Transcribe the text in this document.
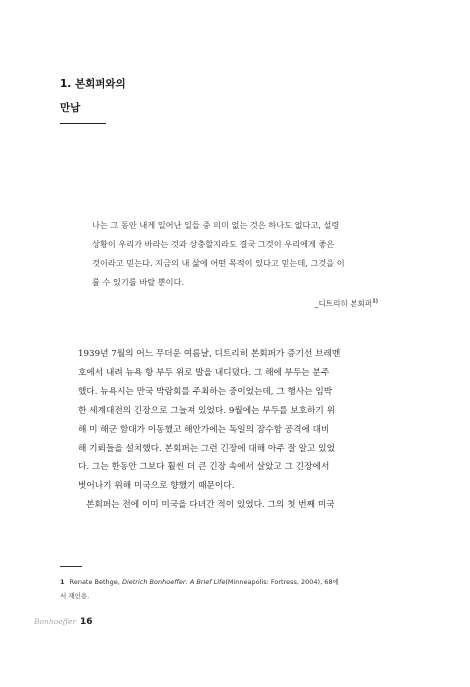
1. 본회퍼와의
만남

나는 그 동안 내게 일어난 일들 중 의미 없는 것은 하나도 없다고, 설령

상황이 우리가 바라는 것과 상충할지라도 결국 그것이 우리에게 좋은

것이라고 믿는다. 지금의 내 삶에 어떤 목적이 있다고 믿는데, 그것을 이

룰 수 있기를 바랄 뿐이다.

_디트리히 본회퍼$^{1)}$

1939년 7월의 어느 무더운 여름날, 디트리히 본회퍼가 증기선 브레멘
호에서 내려 뉴욕 항 부두 위로 발을 내디뎠다. 그 해에 부두는 분주
했다. 뉴욕시는 만국 박람회를 주최하는 중이었는데, 그 행사는 임박
한 세계대전의 긴장으로 그늘져 있었다. 9월에는 부두를 보호하기 위
해 미 해군 함대가 이동했고 해안가에는 독일의 잠수함 공격에 대비
해 기뢰들을 설치했다. 본회퍼는 그런 긴장에 대해 아주 잘 알고 있었
다. 그는 한동안 그보다 훨씬 더 큰 긴장 속에서 살았고 그 긴장에서
벗어나기 위해 미국으로 향했기 때문이다.

본회퍼는 전에 이미 미국을 다녀간 적이 있었다. 그의 첫 번째 미국

1 Renate Bethge, Dietrich Bonhoeffer: A Brief Life(Minneapolis: Fortress, 2004), 68에
서 재인용.
Bonhoeffer 16
